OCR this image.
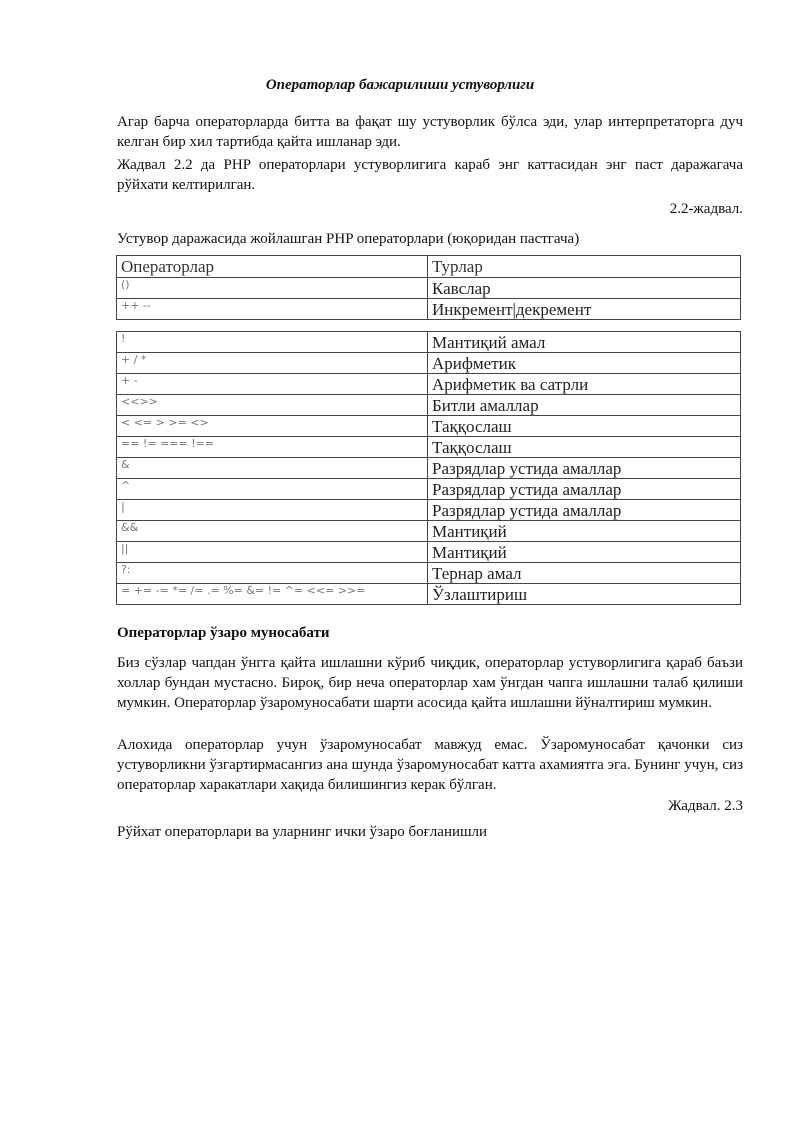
Операторлар бажарилиши устуворлиги

Агар барча операторларда битта ва фақат шу устуворлик бўлса эди, улар интерпретаторга дуч келган бир хил тартибда қайта ишланар эди.

Жадвал 2.2 да PHP операторлари устуворлигига караб энг каттасидан энг паст даражагача рўйхати келтирилган.

2.2-жадвал.

Устувор даражасида жойлашган PHP операторлари (юқоридан пастгача)

Операторлар	Турлар
()	Кавслар
++ --	Инкремент|декремент
!	Мантиқий амал
+ / *	Арифметик
+ -	Арифметик ва сатрли
<<>>	Битли амаллар
< <= > >= <>	Таққослаш
== != === !==	Таққослаш
&	Разрядлар устида амаллар
^	Разрядлар устида амаллар
|	Разрядлар устида амаллар
&&	Мантиқий
||	Мантиқий
?:	Тернар амал
= += -= *= /= .= %= &= != ^= <<= >>=	Ўзлаштириш
Операторлар ўзаро муносабати

Биз сўзлар чапдан ўнгга қайта ишлашни кўриб чиқдик, операторлар устуворлигига қараб баъзи холлар бундан мустасно. Бироқ, бир неча операторлар хам ўнгдан чапга ишлашни талаб қилиши мумкин. Операторлар ўзаромуносабати шарти асосида қайта ишлашни йўналтириш мумкин.

Алохида операторлар учун ўзаромуносабат мавжуд емас. Ўзаромуносабат қачонки сиз устуворликни ўзгартирмасангиз ана шунда ўзаромуносабат катта ахамиятга эга. Бунинг учун, сиз операторлар харакатлари хақида билишингиз керак бўлган.

Жадвал. 2.3

Рўйхат операторлари ва уларнинг ички ўзаро боғланишли
